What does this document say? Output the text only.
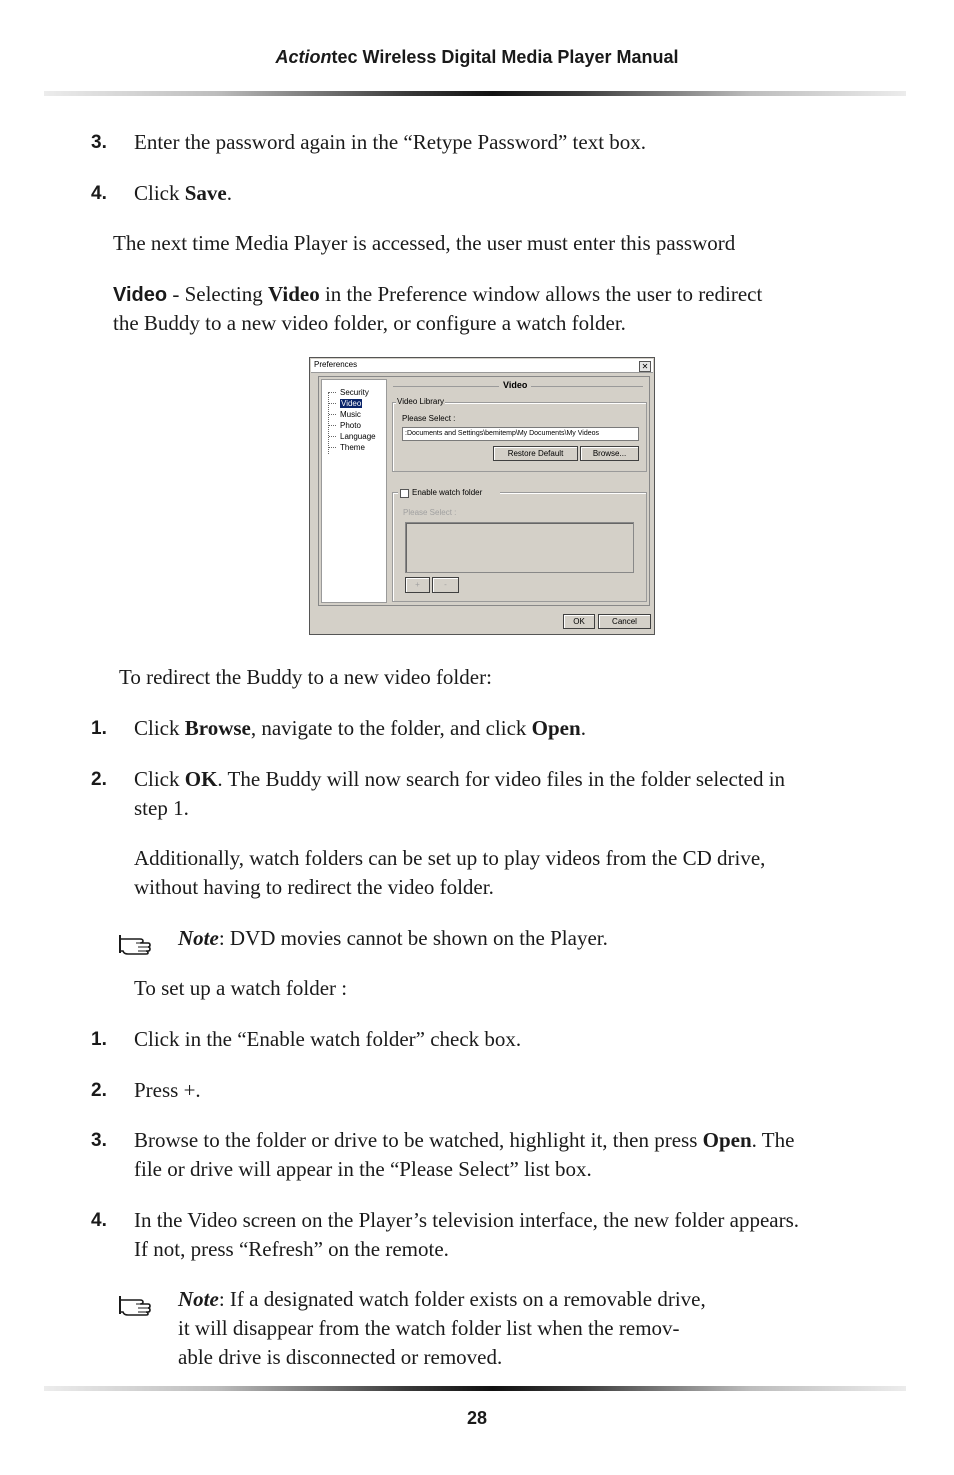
Actiontec Wireless Digital Media Player Manual
3. Enter the password again in the “Retype Password” text box.
4. Click Save.
The next time Media Player is accessed, the user must enter this password
Video - Selecting Video in the Preference window allows the user to redirect
the Buddy to a new video folder, or configure a watch folder.
Preferences	✕
Security
Video
Music
Photo
Language
Theme
Video
Video Library
Please Select :
:Documents and Settings\bemitemp\My Documents\My Videos
Restore Default	Browse...
Enable watch folder
Please Select :
+	-
OK	Cancel
To redirect the Buddy to a new video folder:
1. Click Browse, navigate to the folder, and click Open.
2. Click OK. The Buddy will now search for video files in the folder selected in
step 1.
Additionally, watch folders can be set up to play videos from the CD drive,
without having to redirect the video folder.
Note: DVD movies cannot be shown on the Player.
To set up a watch folder :
1. Click in the “Enable watch folder” check box.
2. Press +.
3. Browse to the folder or drive to be watched, highlight it, then press Open. The
file or drive will appear in the “Please Select” list box.
4. In the Video screen on the Player’s television interface, the new folder appears.
If not, press “Refresh” on the remote.
Note: If a designated watch folder exists on a removable drive,
it will disappear from the watch folder list when the remov-
able drive is disconnected or removed.
28
